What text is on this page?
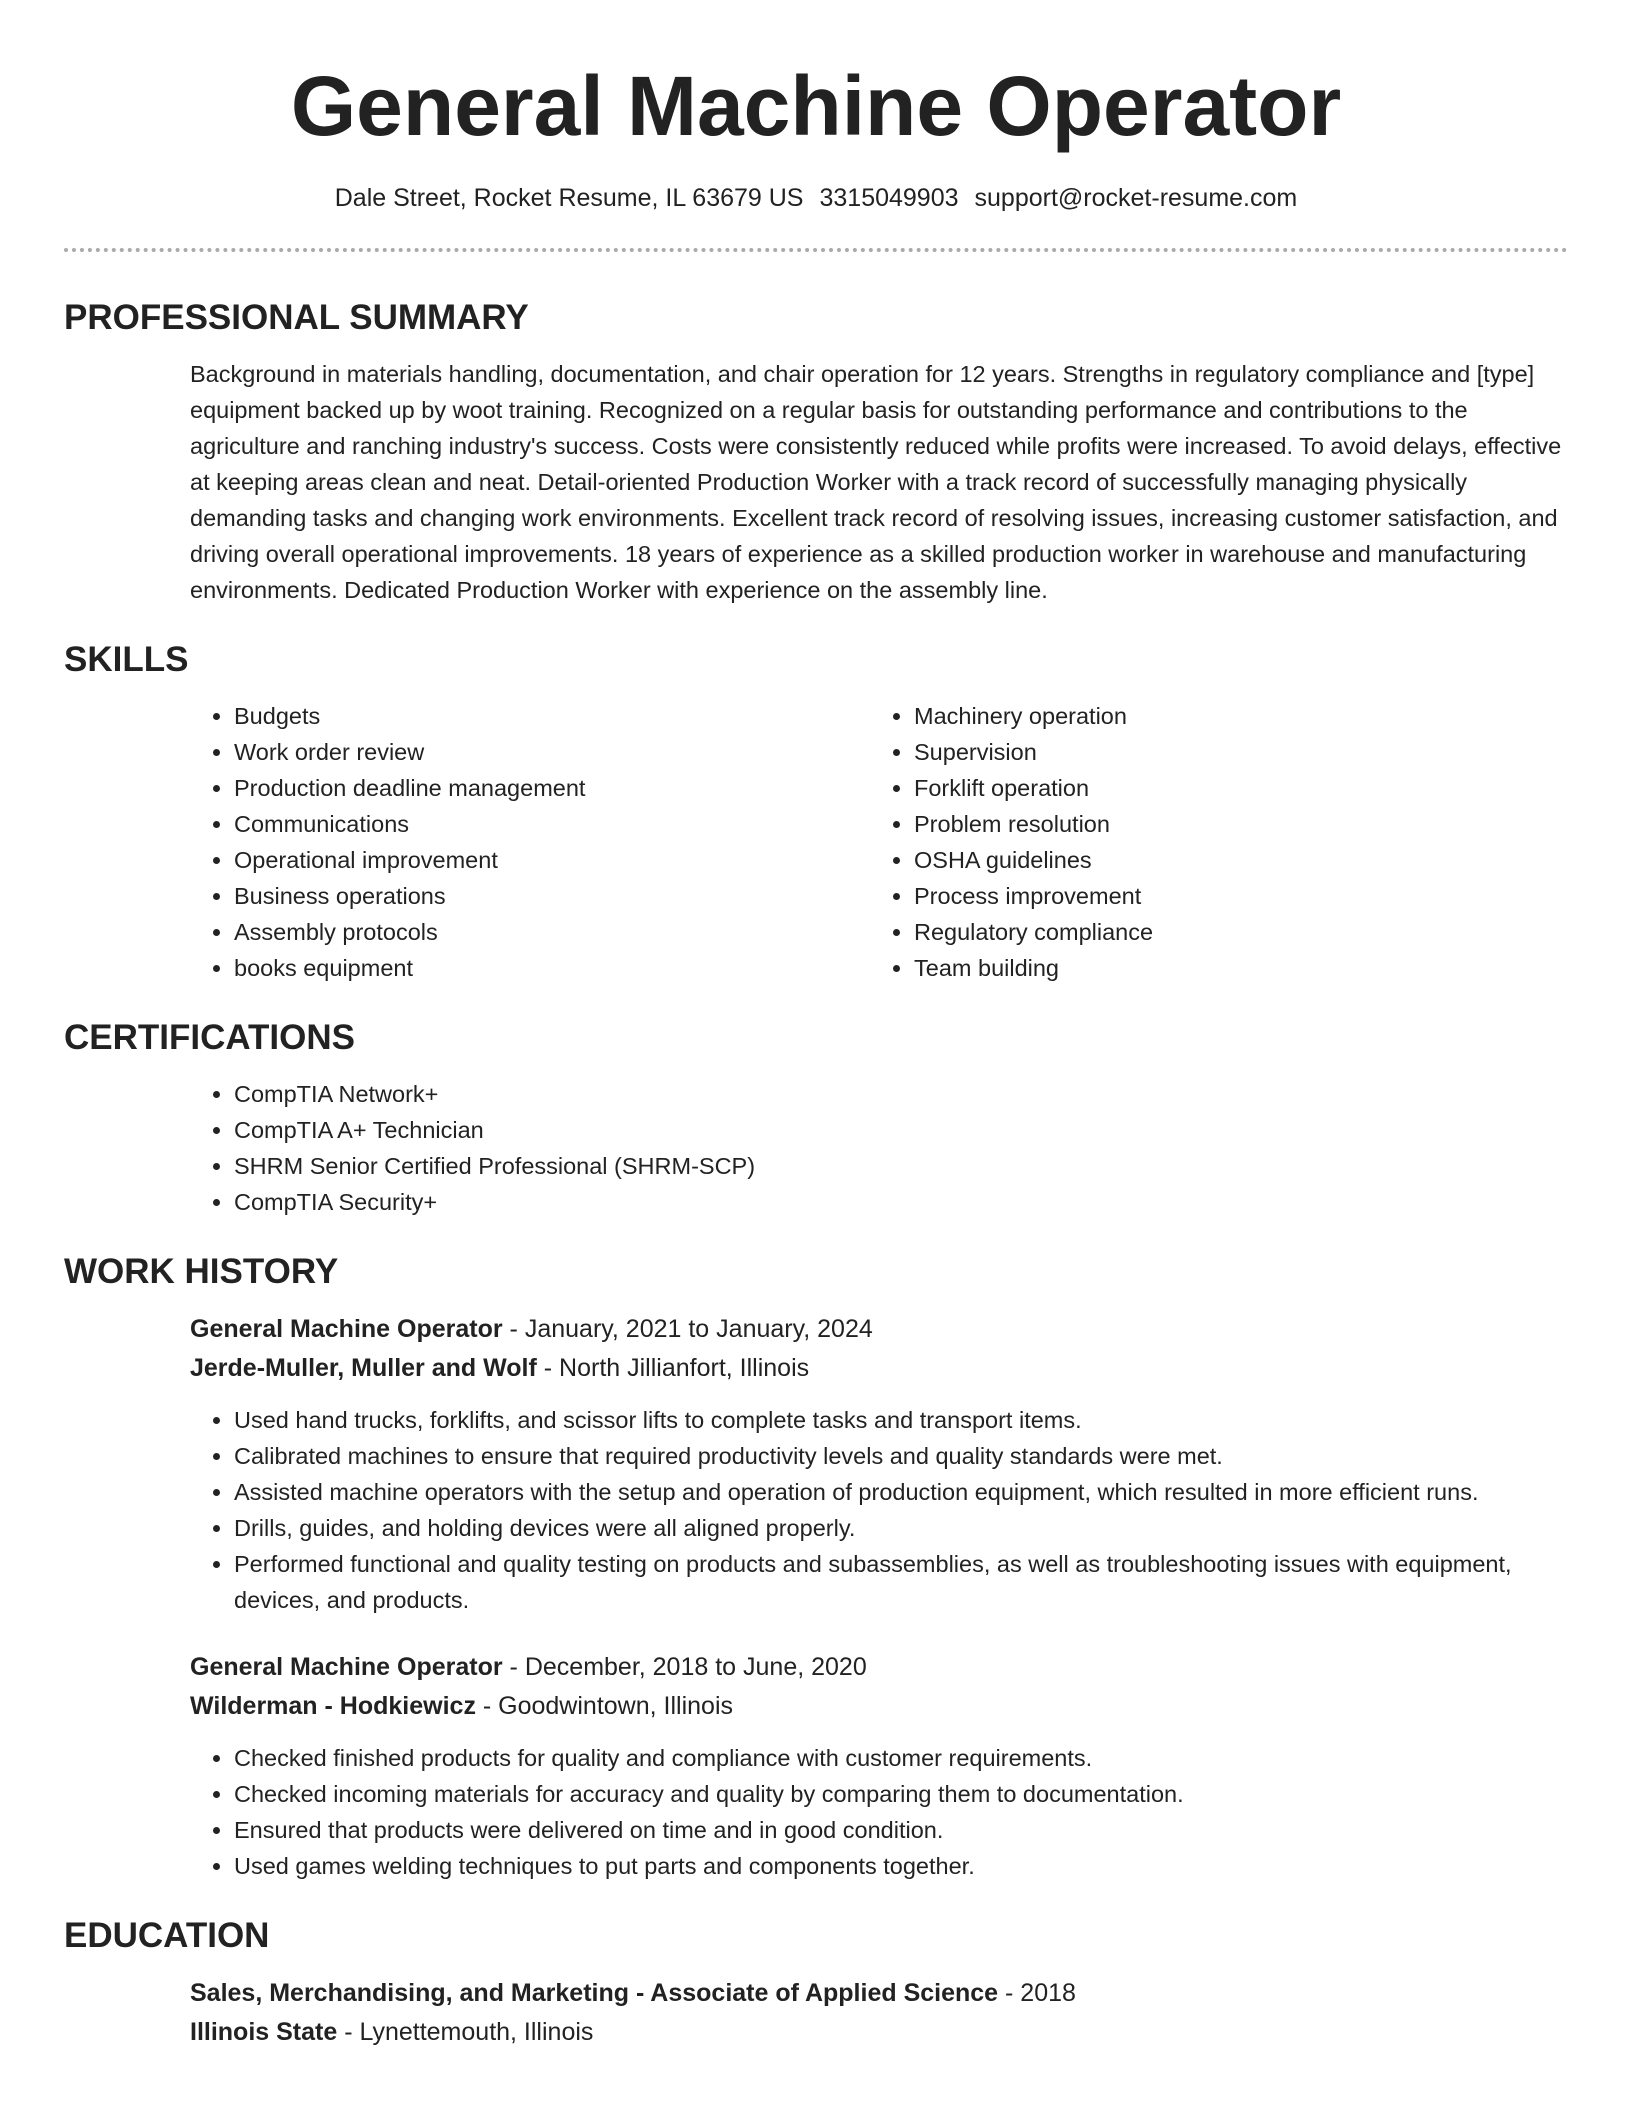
General Machine Operator
Dale Street, Rocket Resume, IL 63679 US 3315049903 support@rocket-resume.com
PROFESSIONAL SUMMARY

Background in materials handling, documentation, and chair operation for 12 years. Strengths in regulatory compliance and [type] equipment backed up by woot training. Recognized on a regular basis for outstanding performance and contributions to the agriculture and ranching industry's success. Costs were consistently reduced while profits were increased. To avoid delays, effective at keeping areas clean and neat. Detail-oriented Production Worker with a track record of successfully managing physically demanding tasks and changing work environments. Excellent track record of resolving issues, increasing customer satisfaction, and driving overall operational improvements. 18 years of experience as a skilled production worker in warehouse and manufacturing environments. Dedicated Production Worker with experience on the assembly line.

SKILLS
• Budgets
• Work order review
• Production deadline management
• Communications
• Operational improvement
• Business operations
• Assembly protocols
• books equipment
• Machinery operation
• Supervision
• Forklift operation
• Problem resolution
• OSHA guidelines
• Process improvement
• Regulatory compliance
• Team building
CERTIFICATIONS
• CompTIA Network+
• CompTIA A+ Technician
• SHRM Senior Certified Professional (SHRM-SCP)
• CompTIA Security+
WORK HISTORY
General Machine Operator - January, 2021 to January, 2024
Jerde-Muller, Muller and Wolf - North Jillianfort, Illinois
• Used hand trucks, forklifts, and scissor lifts to complete tasks and transport items.
• Calibrated machines to ensure that required productivity levels and quality standards were met.
• Assisted machine operators with the setup and operation of production equipment, which resulted in more efficient runs.
• Drills, guides, and holding devices were all aligned properly.
• Performed functional and quality testing on products and subassemblies, as well as troubleshooting issues with equipment, devices, and products.
General Machine Operator - December, 2018 to June, 2020
Wilderman - Hodkiewicz - Goodwintown, Illinois
• Checked finished products for quality and compliance with customer requirements.
• Checked incoming materials for accuracy and quality by comparing them to documentation.
• Ensured that products were delivered on time and in good condition.
• Used games welding techniques to put parts and components together.
EDUCATION
Sales, Merchandising, and Marketing - Associate of Applied Science - 2018
Illinois State - Lynettemouth, Illinois
